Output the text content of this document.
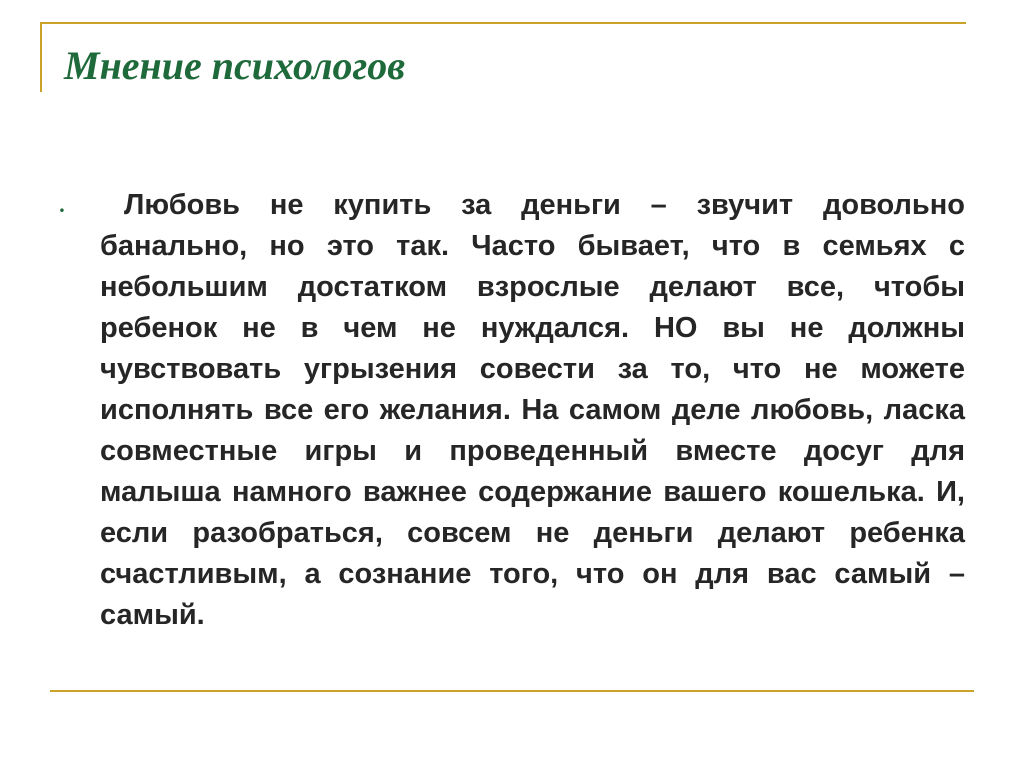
Мнение психологов
.	Любовь не купить за деньги – звучит довольно банально, но это так. Часто бывает, что в семьях с небольшим достатком взрослые делают все, чтобы ребенок не в чем не нуждался. НО вы не должны чувствовать угрызения совести за то, что не можете исполнять все его желания. На самом деле любовь, ласка совместные игры и проведенный вместе досуг для малыша намного важнее содержание вашего кошелька. И, если разобраться, совсем не деньги делают ребенка счастливым, а сознание того, что он для вас самый – самый.
